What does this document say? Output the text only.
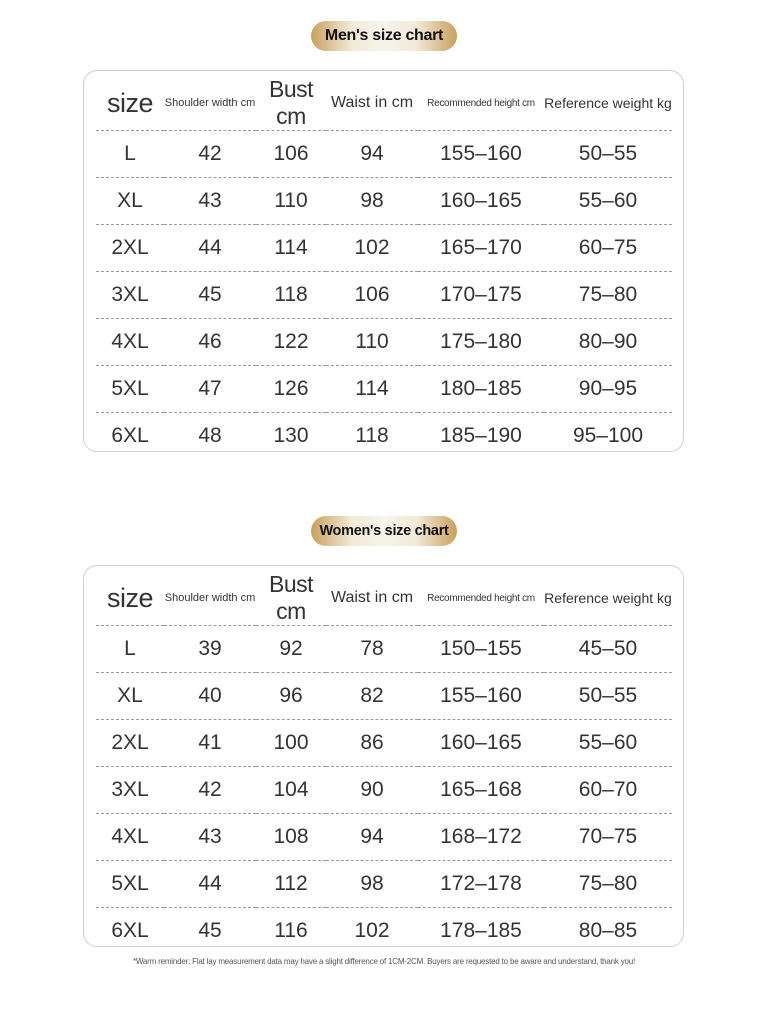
Men's size chart
size	Shoulder width cm	Bust cm	Waist in cm	Recommended height cm	Reference weight kg
L	42	106	94	155–160	50–55
XL	43	110	98	160–165	55–60
2XL	44	114	102	165–170	60–75
3XL	45	118	106	170–175	75–80
4XL	46	122	110	175–180	80–90
5XL	47	126	114	180–185	90–95
6XL	48	130	118	185–190	95–100
Women's size chart
size	Shoulder width cm	Bust cm	Waist in cm	Recommended height cm	Reference weight kg
L	39	92	78	150–155	45–50
XL	40	96	82	155–160	50–55
2XL	41	100	86	160–165	55–60
3XL	42	104	90	165–168	60–70
4XL	43	108	94	168–172	70–75
5XL	44	112	98	172–178	75–80
6XL	45	116	102	178–185	80–85
*Warm reminder: Flat lay measurement data may have a slight difference of 1CM-2CM. Buyers are requested to be aware and understand, thank you!
